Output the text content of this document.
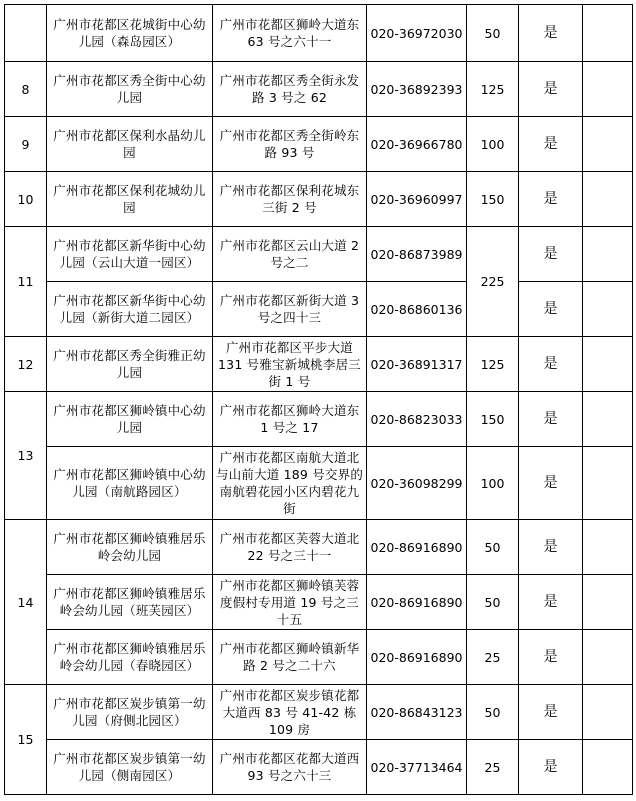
	广州市花都区花城街中心幼儿园（森岛园区）	广州市花都区狮岭大道东 63 号之六十一	020-36972030	50	是	
8	广州市花都区秀全街中心幼儿园	广州市花都区秀全街永发路 3 号之 62	020-36892393	125	是	
9	广州市花都区保利水晶幼儿园	广州市花都区秀全街岭东路 93 号	020-36966780	100	是	
10	广州市花都区保利花城幼儿园	广州市花都区保利花城东三街 2 号	020-36960997	150	是	
11	广州市花都区新华街中心幼儿园（云山大道一园区）	广州市花都区云山大道 2 号之二	020-86873989	225	是	
	广州市花都区新华街中心幼儿园（新街大道二园区）	广州市花都区新街大道 3 号之四十三	020-86860136		是	
12	广州市花都区秀全街雅正幼儿园	广州市花都区平步大道 131 号雅宝新城桃李居三街 1 号	020-36891317	125	是	
13	广州市花都区狮岭镇中心幼儿园	广州市花都区狮岭大道东 1 号之 17	020-86823033	150	是	
	广州市花都区狮岭镇中心幼儿园（南航路园区）	广州市花都区南航大道北与山前大道 189 号交界的南航碧花园小区内碧花九街	020-36098299	100	是	
14	广州市花都区狮岭镇雅居乐岭会幼儿园	广州市花都区芙蓉大道北 22 号之三十一	020-86916890	50	是	
	广州市花都区狮岭镇雅居乐岭会幼儿园（班芙园区）	广州市花都区狮岭镇芙蓉度假村专用道 19 号之三十五	020-86916890	50	是	
	广州市花都区狮岭镇雅居乐岭会幼儿园（春晓园区）	广州市花都区狮岭镇新华路 2 号之二十六	020-86916890	25	是	
15	广州市花都区炭步镇第一幼儿园（府侧北园区）	广州市花都区炭步镇花都大道西 83 号 41-42 栋 109 房	020-86843123	50	是	
	广州市花都区炭步镇第一幼儿园（侧南园区）	广州市花都区花都大道西 93 号之六十三	020-37713464	25	是	
